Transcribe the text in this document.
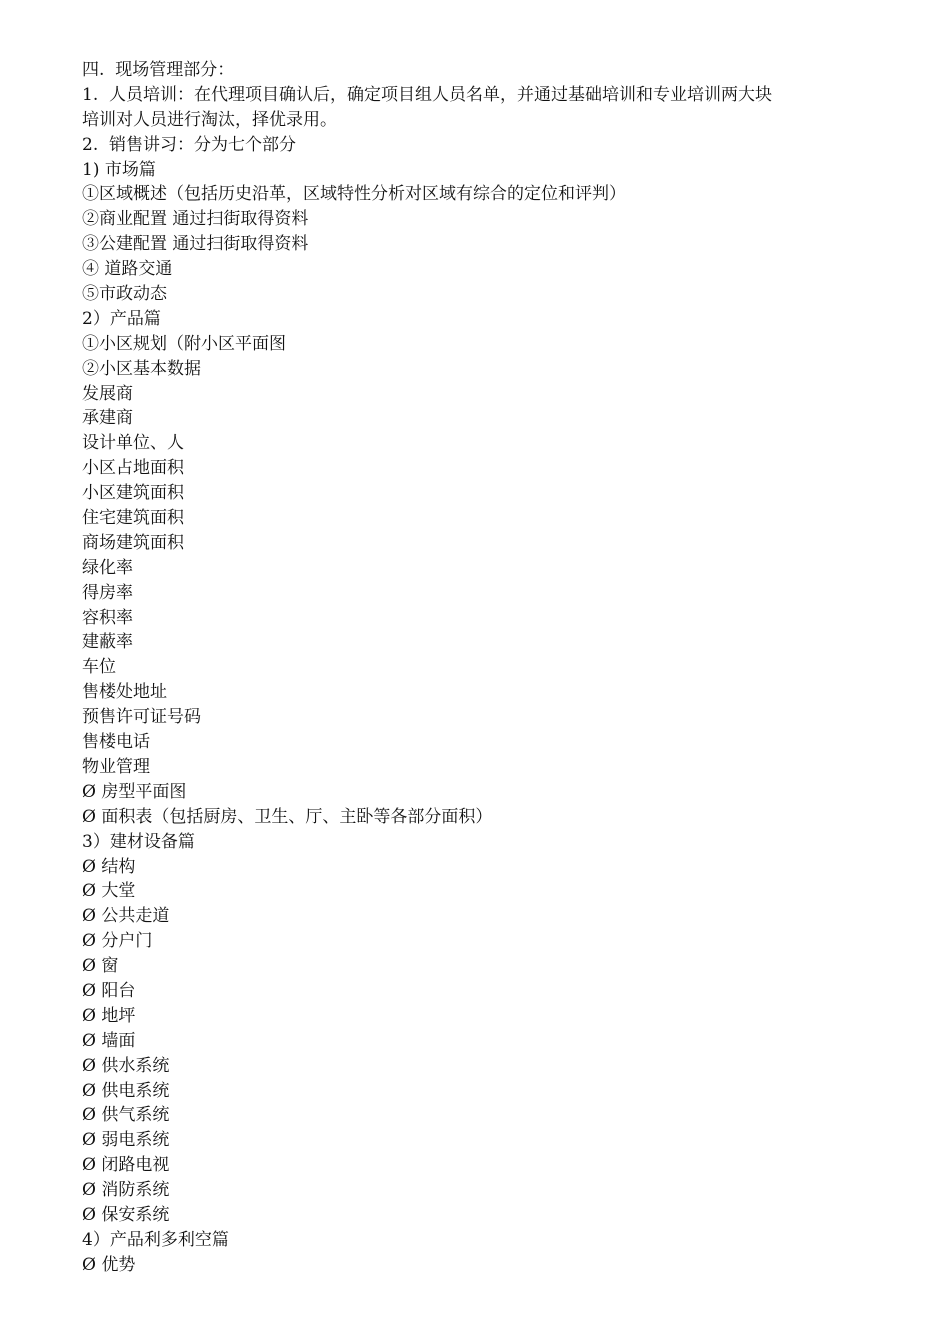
四.  现场管理部分：
1.  人员培训：在代理项目确认后，确定项目组人员名单，并通过基础培训和专业培训两大块
培训对人员进行淘汰，择优录用。
2.  销售讲习：分为七个部分
1) 市场篇
①区域概述（包括历史沿革，区域特性分析对区域有综合的定位和评判）
②商业配置 通过扫街取得资料
③公建配置 通过扫街取得资料
④ 道路交通
⑤市政动态
2）产品篇
①小区规划（附小区平面图
②小区基本数据
发展商
承建商
设计单位、人
小区占地面积
小区建筑面积
住宅建筑面积
商场建筑面积
绿化率
得房率
容积率
建蔽率
车位
售楼处地址
预售许可证号码
售楼电话
物业管理
Ø 房型平面图
Ø 面积表（包括厨房、卫生、厅、主卧等各部分面积）
3）建材设备篇
Ø 结构
Ø 大堂
Ø 公共走道
Ø 分户门
Ø 窗
Ø 阳台
Ø 地坪
Ø 墙面
Ø 供水系统
Ø 供电系统
Ø 供气系统
Ø 弱电系统
Ø 闭路电视
Ø 消防系统
Ø 保安系统
4）产品利多利空篇
Ø 优势
